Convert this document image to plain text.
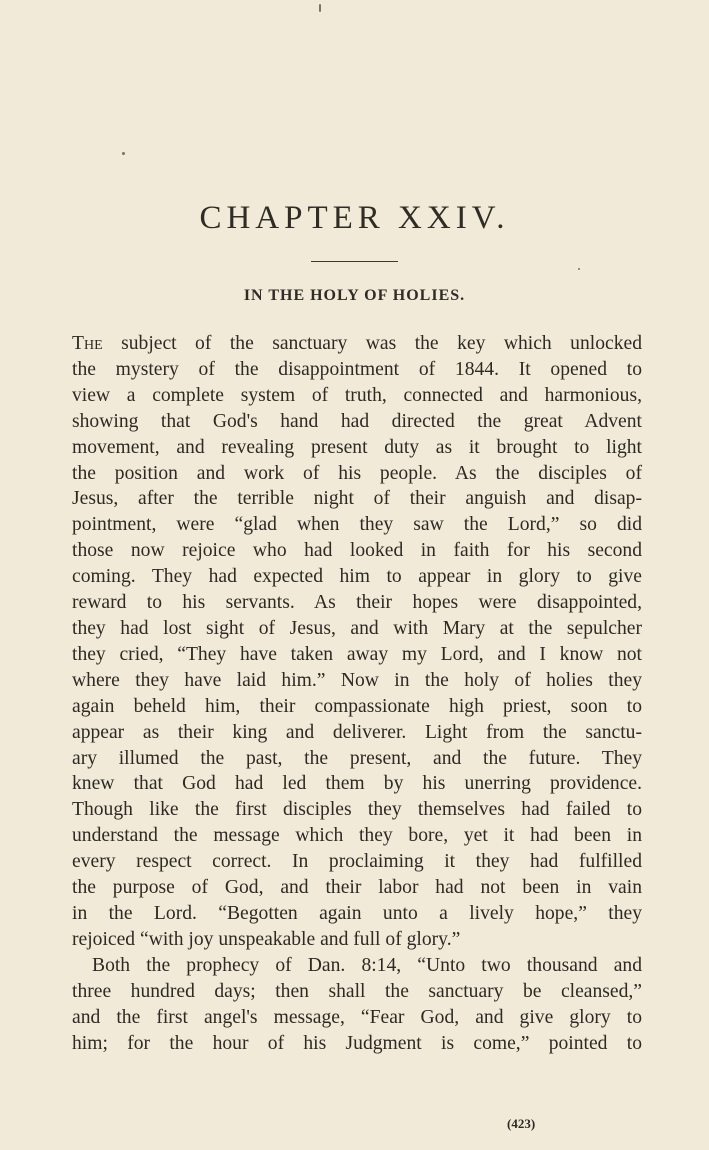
CHAPTER XXIV.
IN THE HOLY OF HOLIES.
The subject of the sanctuary was the key which unlocked
the mystery of the disappointment of 1844. It opened to
view a complete system of truth, connected and harmonious,
showing that God's hand had directed the great Advent
movement, and revealing present duty as it brought to light
the position and work of his people. As the disciples of
Jesus, after the terrible night of their anguish and disap-
pointment, were “glad when they saw the Lord,” so did
those now rejoice who had looked in faith for his second
coming. They had expected him to appear in glory to give
reward to his servants. As their hopes were disappointed,
they had lost sight of Jesus, and with Mary at the sepulcher
they cried, “They have taken away my Lord, and I know not
where they have laid him.” Now in the holy of holies they
again beheld him, their compassionate high priest, soon to
appear as their king and deliverer. Light from the sanctu-
ary illumed the past, the present, and the future. They
knew that God had led them by his unerring providence.
Though like the first disciples they themselves had failed to
understand the message which they bore, yet it had been in
every respect correct. In proclaiming it they had fulfilled
the purpose of God, and their labor had not been in vain
in the Lord. “Begotten again unto a lively hope,” they
rejoiced “with joy unspeakable and full of glory.”
Both the prophecy of Dan. 8:14, “Unto two thousand and
three hundred days; then shall the sanctuary be cleansed,”
and the first angel's message, “Fear God, and give glory to
him; for the hour of his Judgment is come,” pointed to
(423)
